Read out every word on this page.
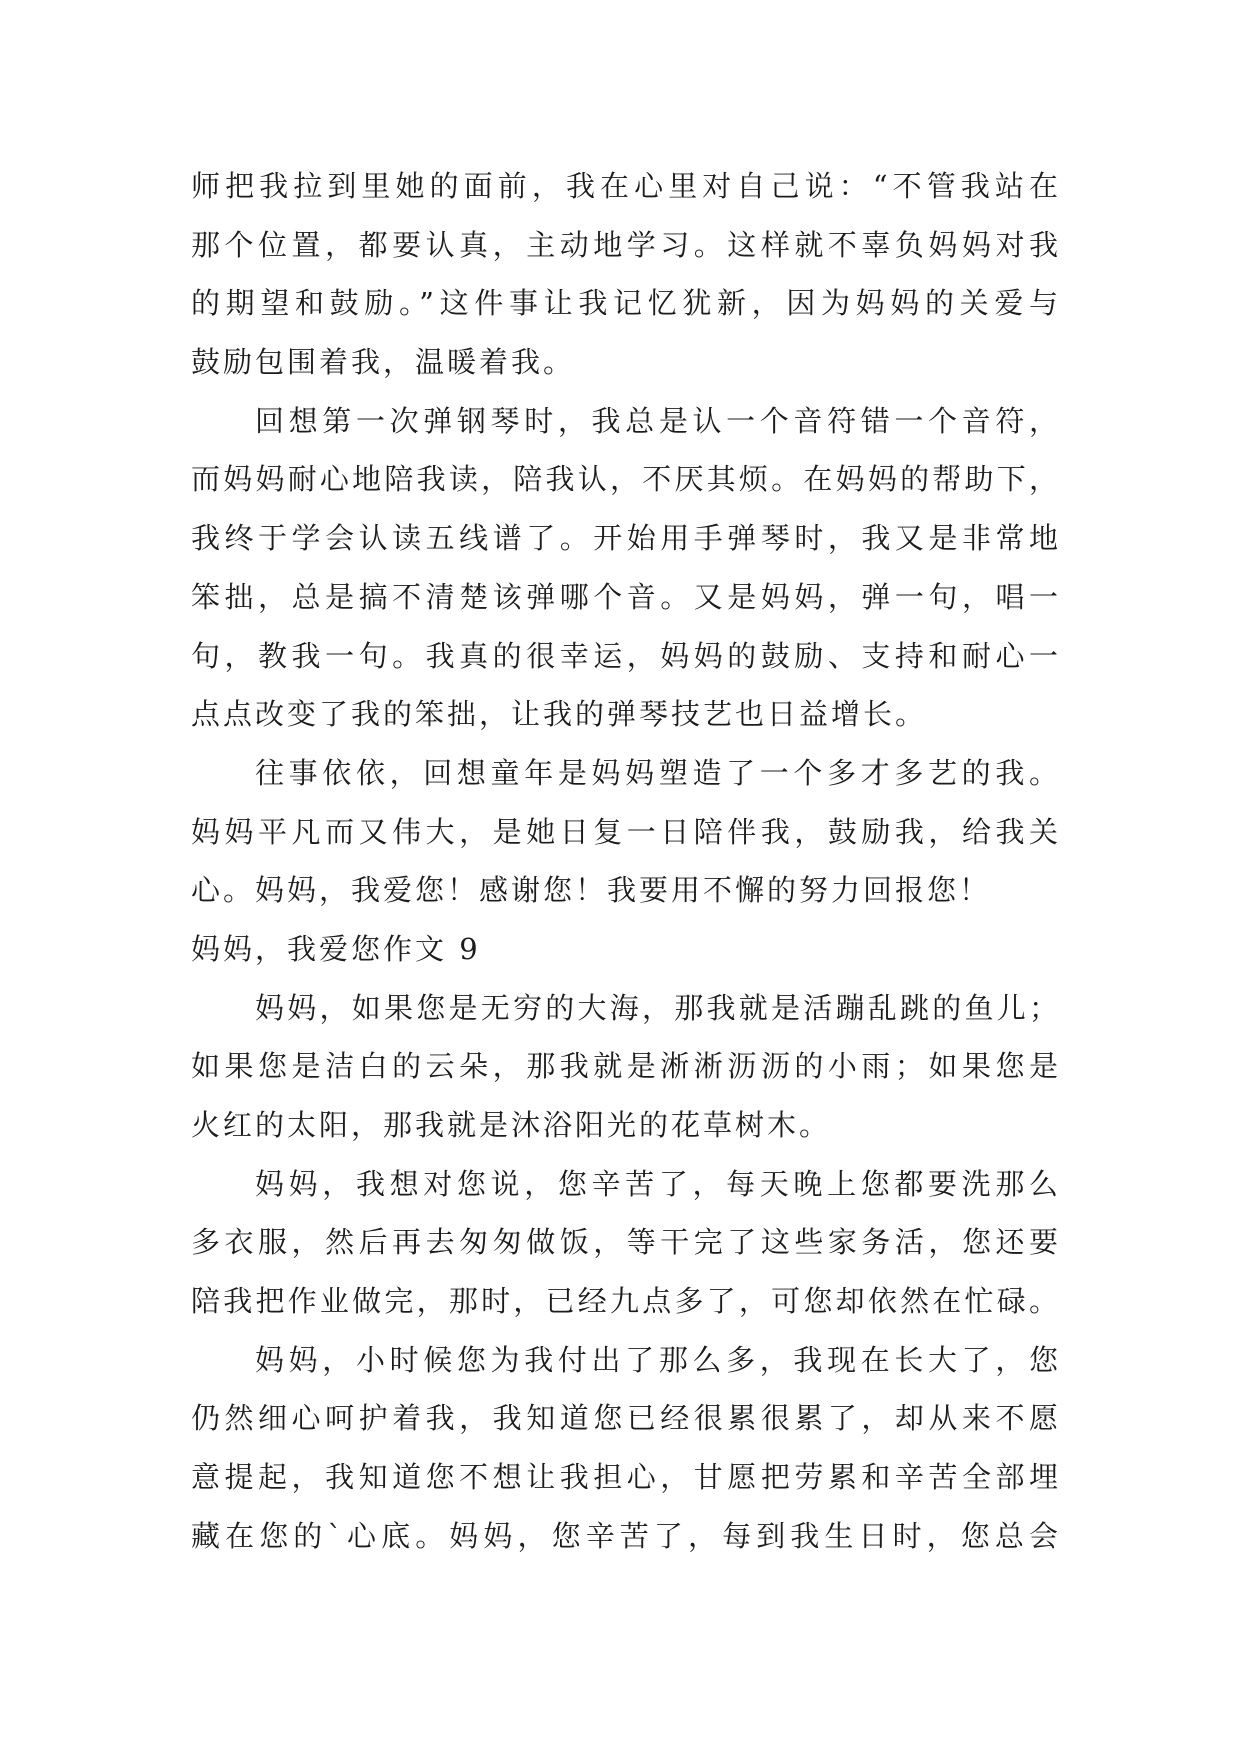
师把我拉到里她的面前，我在心里对自己说：“不管我站在
那个位置，都要认真，主动地学习。这样就不辜负妈妈对我
的期望和鼓励。”这件事让我记忆犹新，因为妈妈的关爱与
鼓励包围着我，温暖着我。
回想第一次弹钢琴时，我总是认一个音符错一个音符，
而妈妈耐心地陪我读，陪我认，不厌其烦。在妈妈的帮助下，
我终于学会认读五线谱了。开始用手弹琴时，我又是非常地
笨拙，总是搞不清楚该弹哪个音。又是妈妈，弹一句，唱一
句，教我一句。我真的很幸运，妈妈的鼓励、支持和耐心一
点点改变了我的笨拙，让我的弹琴技艺也日益增长。
往事依依，回想童年是妈妈塑造了一个多才多艺的我。
妈妈平凡而又伟大，是她日复一日陪伴我，鼓励我，给我关
心。妈妈，我爱您！感谢您！我要用不懈的努力回报您！
妈妈，我爱您作文 9
妈妈，如果您是无穷的大海，那我就是活蹦乱跳的鱼儿；
如果您是洁白的云朵，那我就是淅淅沥沥的小雨；如果您是
火红的太阳，那我就是沐浴阳光的花草树木。
妈妈，我想对您说，您辛苦了，每天晚上您都要洗那么
多衣服，然后再去匆匆做饭，等干完了这些家务活，您还要
陪我把作业做完，那时，已经九点多了，可您却依然在忙碌。
妈妈，小时候您为我付出了那么多，我现在长大了，您
仍然细心呵护着我，我知道您已经很累很累了，却从来不愿
意提起，我知道您不想让我担心，甘愿把劳累和辛苦全部埋
藏在您的`心底。妈妈，您辛苦了，每到我生日时，您总会
